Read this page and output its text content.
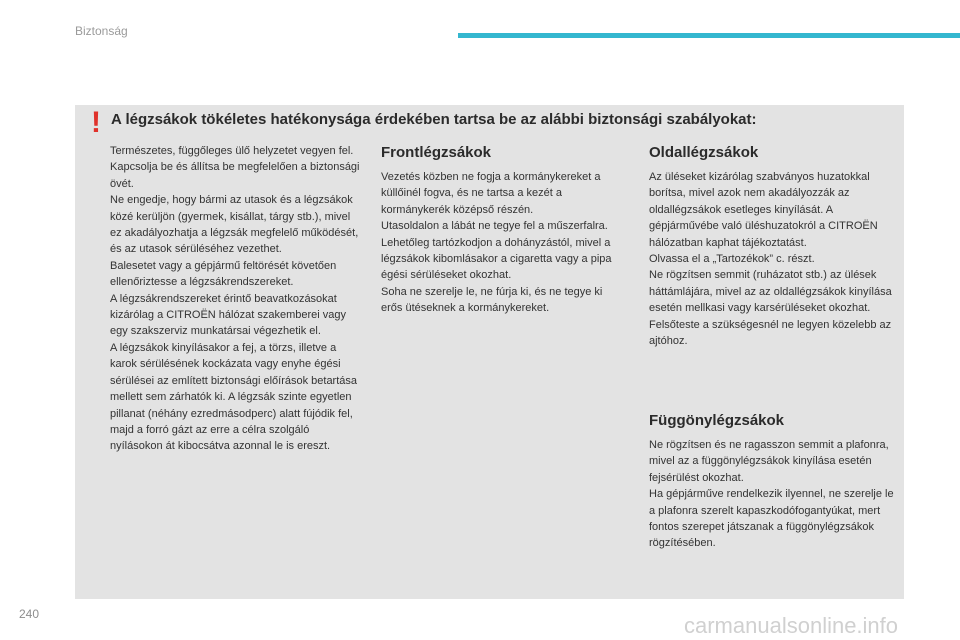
Biztonság
! A légzsákok tökéletes hatékonysága érdekében tartsa be az alábbi biztonsági szabályokat:

Természetes, függőleges ülő helyzetet vegyen fel.

Kapcsolja be és állítsa be megfelelően a biztonsági övét.

Ne engedje, hogy bármi az utasok és a légzsákok közé kerüljön (gyermek, kisállat, tárgy stb.), mivel ez akadályozhatja a légzsák megfelelő működését, és az utasok sérüléséhez vezethet.

Balesetet vagy a gépjármű feltörését követően ellenőriztesse a légzsákrendszereket.

A légzsákrendszereket érintő beavatkozásokat kizárólag a CITROËN hálózat szakemberei vagy egy szakszerviz munkatársai végezhetik el.

A légzsákok kinyílásakor a fej, a törzs, illetve a karok sérülésének kockázata vagy enyhe égési sérülései az említett biztonsági előírások betartása mellett sem zárhatók ki. A légzsák szinte egyetlen pillanat (néhány ezredmásodperc) alatt fújódik fel, majd a forró gázt az erre a célra szolgáló nyílásokon át kibocsátva azonnal le is ereszt.

Frontlégzsákok

Vezetés közben ne fogja a kormánykereket a küllőinél fogva, és ne tartsa a kezét a kormánykerék középső részén.

Utasoldalon a lábát ne tegye fel a műszerfalra.

Lehetőleg tartózkodjon a dohányzástól, mivel a légzsákok kibomlásakor a cigaretta vagy a pipa égési sérüléseket okozhat.

Soha ne szerelje le, ne fúrja ki, és ne tegye ki erős ütéseknek a kormánykereket.

Oldallégzsákok

Az üléseket kizárólag szabványos huzatokkal borítsa, mivel azok nem akadályozzák az oldallégzsákok esetleges kinyílását. A gépjárművébe való üléshuzatokról a CITROËN hálózatban kaphat tájékoztatást.

Olvassa el a „Tartozékok” c. részt.

Ne rögzítsen semmit (ruházatot stb.) az ülések háttámlájára, mivel az az oldallégzsákok kinyílása esetén mellkasi vagy karsérüléseket okozhat.

Felsőteste a szükségesnél ne legyen közelebb az ajtóhoz.

Függönylégzsákok

Ne rögzítsen és ne ragasszon semmit a plafonra, mivel az a függönylégzsákok kinyílása esetén fejsérülést okozhat.

Ha gépjárműve rendelkezik ilyennel, ne szerelje le a plafonra szerelt kapaszkodófogantyúkat, mert fontos szerepet játszanak a függönylégzsákok rögzítésében.

240	carmanualsonline.info
